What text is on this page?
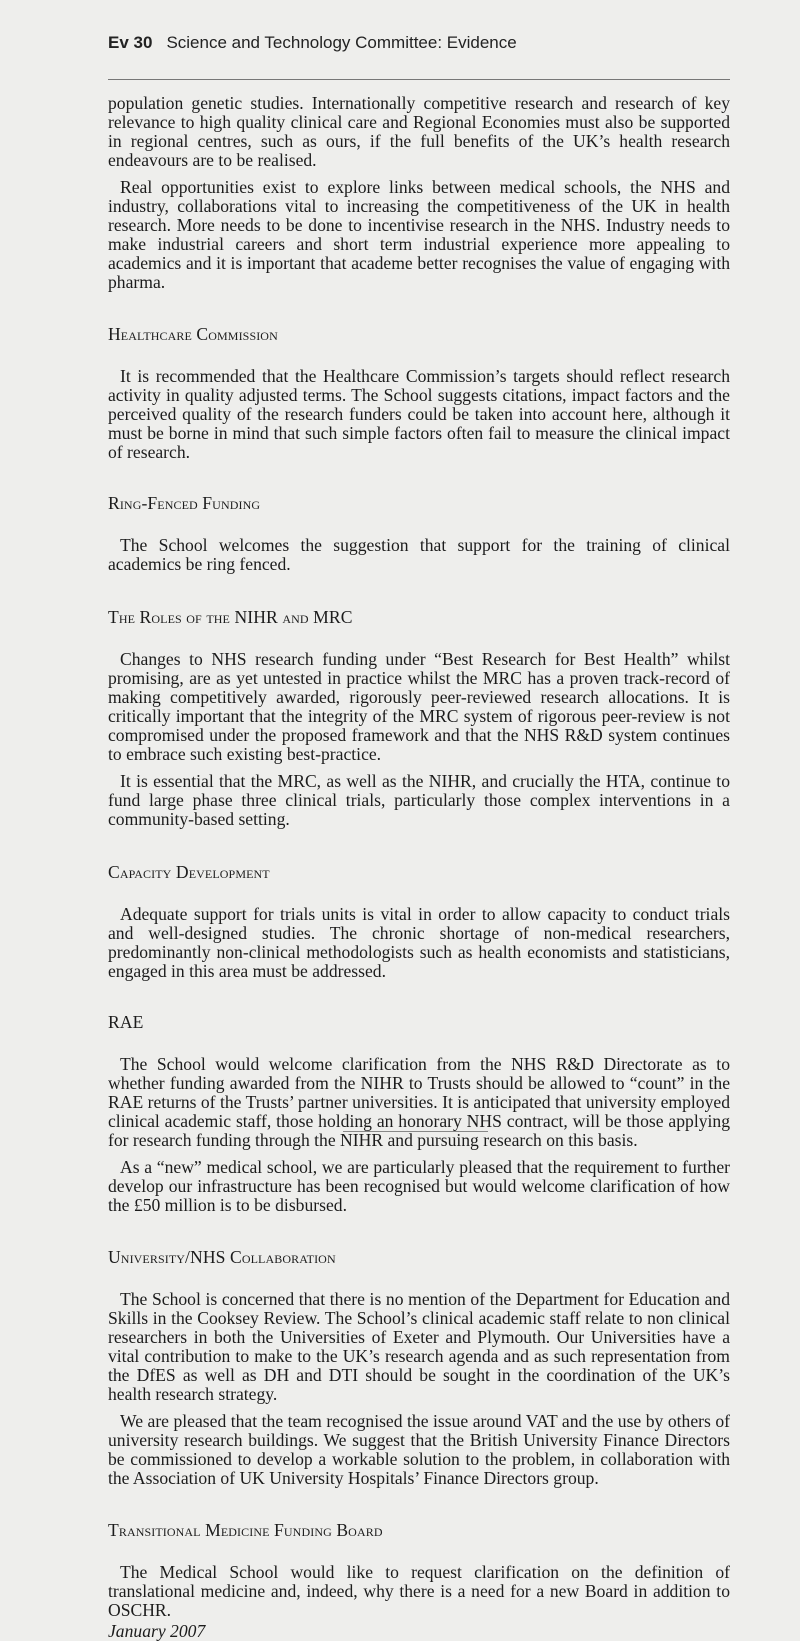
Ev 30 Science and Technology Committee: Evidence

population genetic studies. Internationally competitive research and research of key relevance to high quality clinical care and Regional Economies must also be supported in regional centres, such as ours, if the full benefits of the UK’s health research endeavours are to be realised.

Real opportunities exist to explore links between medical schools, the NHS and industry, collaborations vital to increasing the competitiveness of the UK in health research. More needs to be done to incentivise research in the NHS. Industry needs to make industrial careers and short term industrial experience more appealing to academics and it is important that academe better recognises the value of engaging with pharma.

Healthcare Commission

It is recommended that the Healthcare Commission’s targets should reflect research activity in quality adjusted terms. The School suggests citations, impact factors and the perceived quality of the research funders could be taken into account here, although it must be borne in mind that such simple factors often fail to measure the clinical impact of research.

Ring-Fenced Funding

The School welcomes the suggestion that support for the training of clinical academics be ring fenced.

The Roles of the NIHR and MRC

Changes to NHS research funding under “Best Research for Best Health” whilst promising, are as yet untested in practice whilst the MRC has a proven track-record of making competitively awarded, rigorously peer-reviewed research allocations. It is critically important that the integrity of the MRC system of rigorous peer-review is not compromised under the proposed framework and that the NHS R&D system continues to embrace such existing best-practice.

It is essential that the MRC, as well as the NIHR, and crucially the HTA, continue to fund large phase three clinical trials, particularly those complex interventions in a community-based setting.

Capacity Development

Adequate support for trials units is vital in order to allow capacity to conduct trials and well-designed studies. The chronic shortage of non-medical researchers, predominantly non-clinical methodologists such as health economists and statisticians, engaged in this area must be addressed.

RAE

The School would welcome clarification from the NHS R&D Directorate as to whether funding awarded from the NIHR to Trusts should be allowed to “count” in the RAE returns of the Trusts’ partner universities. It is anticipated that university employed clinical academic staff, those holding an honorary NHS contract, will be those applying for research funding through the NIHR and pursuing research on this basis.

As a “new” medical school, we are particularly pleased that the requirement to further develop our infrastructure has been recognised but would welcome clarification of how the £50 million is to be disbursed.

University/NHS Collaboration

The School is concerned that there is no mention of the Department for Education and Skills in the Cooksey Review. The School’s clinical academic staff relate to non clinical researchers in both the Universities of Exeter and Plymouth. Our Universities have a vital contribution to make to the UK’s research agenda and as such representation from the DfES as well as DH and DTI should be sought in the coordination of the UK’s health research strategy.

We are pleased that the team recognised the issue around VAT and the use by others of university research buildings. We suggest that the British University Finance Directors be commissioned to develop a workable solution to the problem, in collaboration with the Association of UK University Hospitals’ Finance Directors group.

Transitional Medicine Funding Board

The Medical School would like to request clarification on the definition of translational medicine and, indeed, why there is a need for a new Board in addition to OSCHR.

January 2007
